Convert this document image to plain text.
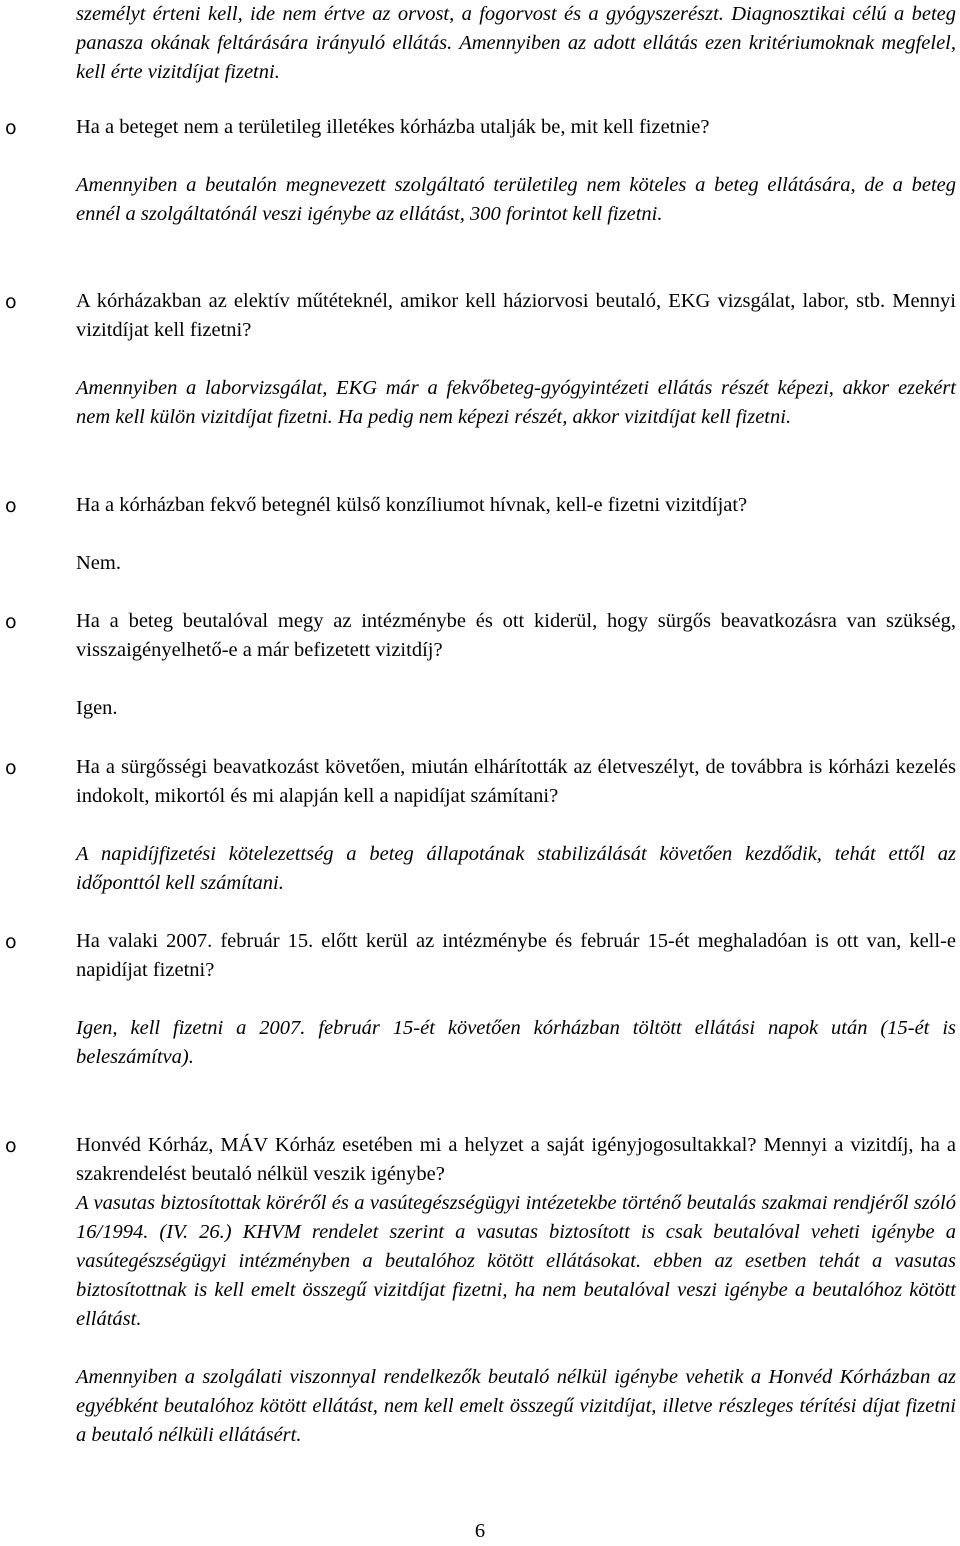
személyt érteni kell, ide nem értve az orvost, a fogorvost és a gyógyszerészt. Diagnosztikai célú a beteg panasza okának feltárására irányuló ellátás. Amennyiben az adott ellátás ezen kritériumoknak megfelel, kell érte vizitdíjat fizetni.

o	Ha a beteget nem a területileg illetékes kórházba utalják be, mit kell fizetnie?

Amennyiben a beutalón megnevezett szolgáltató területileg nem köteles a beteg ellátására, de a beteg ennél a szolgáltatónál veszi igénybe az ellátást, 300 forintot kell fizetni.

o	A kórházakban az elektív műtéteknél, amikor kell háziorvosi beutaló, EKG vizsgálat, labor, stb. Mennyi vizitdíjat kell fizetni?

Amennyiben a laborvizsgálat, EKG már a fekvőbeteg-gyógyintézeti ellátás részét képezi, akkor ezekért nem kell külön vizitdíjat fizetni. Ha pedig nem képezi részét, akkor vizitdíjat kell fizetni.

o	Ha a kórházban fekvő betegnél külső konzíliumot hívnak, kell-e fizetni vizitdíjat?

Nem.

o	Ha a beteg beutalóval megy az intézménybe és ott kiderül, hogy sürgős beavatkozásra van szükség, visszaigényelhető-e a már befizetett vizitdíj?

Igen.

o	Ha a sürgősségi beavatkozást követően, miután elhárították az életveszélyt, de továbbra is kórházi kezelés indokolt, mikortól és mi alapján kell a napidíjat számítani?

A napidíjfizetési kötelezettség a beteg állapotának stabilizálását követően kezdődik, tehát ettől az időponttól kell számítani.

o	Ha valaki 2007. február 15. előtt kerül az intézménybe és február 15-ét meghaladóan is ott van, kell-e napidíjat fizetni?

Igen, kell fizetni a 2007. február 15-ét követően kórházban töltött ellátási napok után (15-ét is beleszámítva).

o	Honvéd Kórház, MÁV Kórház esetében mi a helyzet a saját igényjogosultakkal? Mennyi a vizitdíj, ha a szakrendelést beutaló nélkül veszik igénybe?

A vasutas biztosítottak köréről és a vasútegészségügyi intézetekbe történő beutalás szakmai rendjéről szóló 16/1994. (IV. 26.) KHVM rendelet szerint a vasutas biztosított is csak beutalóval veheti igénybe a vasútegészségügyi intézményben a beutalóhoz kötött ellátásokat. ebben az esetben tehát a vasutas biztosítottnak is kell emelt összegű vizitdíjat fizetni, ha nem beutalóval veszi igénybe a beutalóhoz kötött ellátást.

Amennyiben a szolgálati viszonnyal rendelkezők beutaló nélkül igénybe vehetik a Honvéd Kórházban az egyébként beutalóhoz kötött ellátást, nem kell emelt összegű vizitdíjat, illetve részleges térítési díjat fizetni a beutaló nélküli ellátásért.

6
